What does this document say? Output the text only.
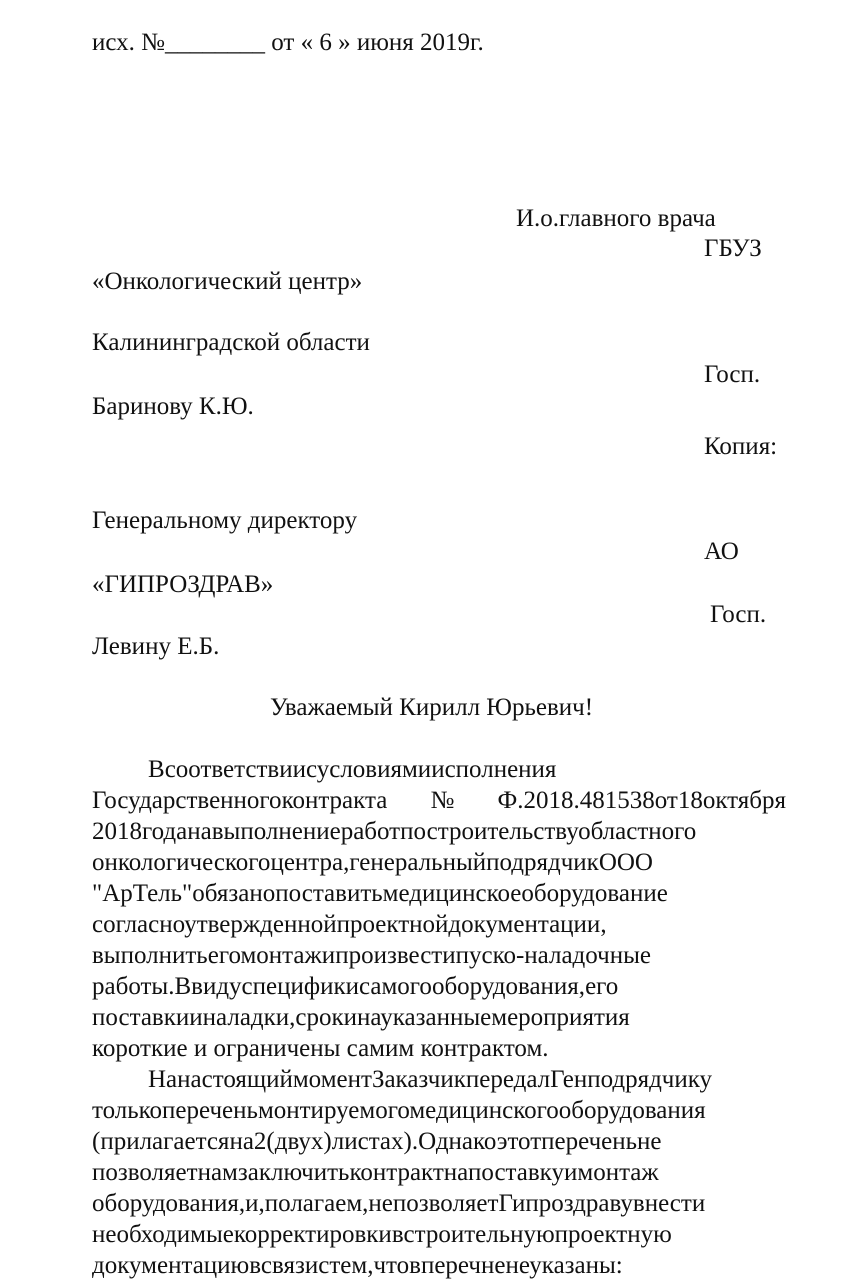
исх. №________ от « 6 » июня 2019г.
И.о.главного врача
ГБУЗ
«Онкологический центр»
Калининградской области
Госп.
Баринову К.Ю.
Копия:
Генеральному директору
АО
«ГИПРОЗДРАВ»
Госп.
Левину Е.Б.
Уважаемый Кирилл Юрьевич!
Всоответствиисусловиямиисполнения
Государственногоконтракта№Ф.2018.481538от18октября
2018годанавыполнениеработпостроительствуобластного
онкологическогоцентра,генеральныйподрядчикООО
"АрТель"обязанопоставитьмедицинскоеоборудование
согласноутвержденнойпроектнойдокументации,
выполнитьегомонтажипроизвестипуско-наладочные
работы.Ввидуспецификисамогооборудования,его
поставкииналадки,срокинауказанныемероприятия
короткие и ограничены самим контрактом.
НанастоящиймоментЗаказчикпередалГенподрядчику
толькопереченьмонтируемогомедицинскогооборудования
(прилагаетсяна2(двух)листах).Однакоэтотпереченьне
позволяетнамзаключитьконтрактнапоставкуимонтаж
оборудования,и,полагаем,непозволяетГипроздравувнести
необходимыекорректировкивстроительнуюпроектную
документациювсвязистем,чтовперечненеуказаны:
